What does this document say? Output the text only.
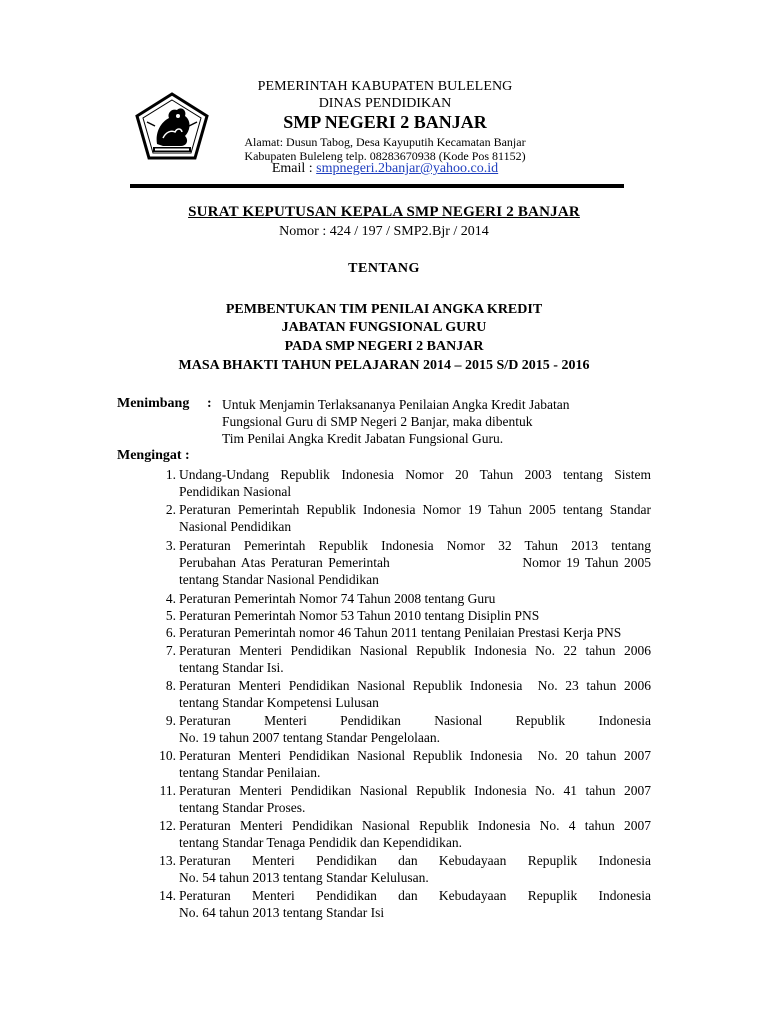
PEMERINTAH KABUPATEN BULELENG
DINAS PENDIDIKAN
SMP NEGERI 2 BANJAR
Alamat: Dusun Tabog, Desa Kayuputih Kecamatan Banjar
Kabupaten Buleleng telp. 08283670938 (Kode Pos 81152)
Email : smpnegeri.2banjar@yahoo.co.id
SURAT KEPUTUSAN KEPALA SMP NEGERI 2 BANJAR
Nomor : 424 / 197 / SMP2.Bjr / 2014
TENTANG
PEMBENTUKAN TIM PENILAI ANGKA KREDIT
JABATAN FUNGSIONAL GURU
PADA SMP NEGERI 2 BANJAR
MASA BHAKTI TAHUN PELAJARAN 2014 – 2015 S/D 2015 - 2016
Menimbang : Untuk Menjamin Terlaksananya Penilaian Angka Kredit Jabatan
Fungsional Guru di SMP Negeri 2 Banjar, maka dibentuk
Tim Penilai Angka Kredit Jabatan Fungsional Guru.
Mengingat :
1. Undang-Undang Republik Indonesia Nomor 20 Tahun 2003 tentang Sistem
Pendidikan Nasional
2. Peraturan Pemerintah Republik Indonesia Nomor 19 Tahun 2005 tentang Standar
Nasional Pendidikan
3. Peraturan Pemerintah Republik Indonesia Nomor 32 Tahun 2013 tentang
Perubahan Atas Peraturan Pemerintah                        Nomor 19 Tahun 2005
tentang Standar Nasional Pendidikan
4. Peraturan Pemerintah Nomor 74 Tahun 2008 tentang Guru
5. Peraturan Pemerintah Nomor 53 Tahun 2010 tentang Disiplin PNS
6. Peraturan Pemerintah nomor 46 Tahun 2011 tentang Penilaian Prestasi Kerja PNS
7. Peraturan Menteri Pendidikan Nasional Republik Indonesia No. 22 tahun 2006
tentang Standar Isi.
8. Peraturan Menteri Pendidikan Nasional Republik Indonesia  No. 23 tahun 2006
tentang Standar Kompetensi Lulusan
9. Peraturan       Menteri       Pendidikan       Nasional       Republik       Indonesia
No. 19 tahun 2007 tentang Standar Pengelolaan.
10. Peraturan Menteri Pendidikan Nasional Republik Indonesia  No. 20 tahun 2007
tentang Standar Penilaian.
11. Peraturan Menteri Pendidikan Nasional Republik Indonesia No. 41 tahun 2007
tentang Standar Proses.
12. Peraturan Menteri Pendidikan Nasional Republik Indonesia No. 4 tahun 2007
tentang Standar Tenaga Pendidik dan Kependidikan.
13. Peraturan    Menteri    Pendidikan    dan    Kebudayaan    Repuplik    Indonesia
No. 54 tahun 2013 tentang Standar Kelulusan.
14. Peraturan    Menteri    Pendidikan    dan    Kebudayaan    Repuplik    Indonesia
No. 64 tahun 2013 tentang Standar Isi
